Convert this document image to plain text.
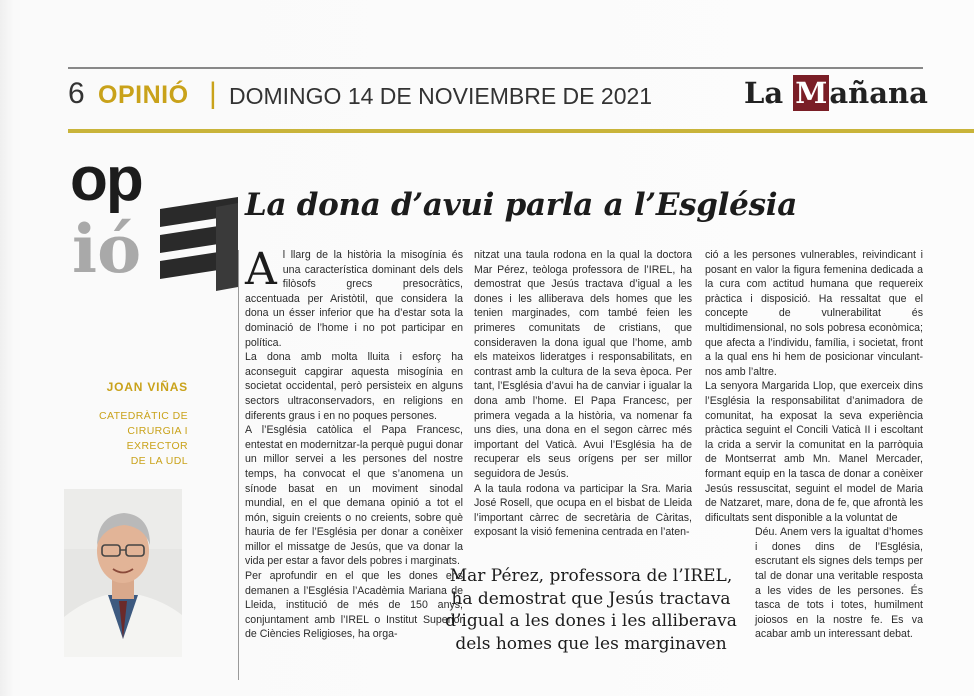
6 OPINIÓ | DOMINGO 14 DE NOVIEMBRE DE 2021	La Mañana
op
ió
JOAN VIÑAS
CATEDRÀTIC DE
CIRURGIA I EXRECTOR
DE LA UDL
La dona d’avui parla a l’Església

Al llarg de la història la misogínia és una característica dominant dels dels filòsofs grecs presocràtics, accentuada per Aristòtil, que considera la dona un ésser inferior que ha d’estar sota la dominació de l’home i no pot participar en política.

La dona amb molta lluita i esforç ha aconseguit capgirar aquesta misogínia en societat occidental, però persisteix en alguns sectors ultraconservadors, en religions en diferents graus i en no poques persones.

A l’Església catòlica el Papa Francesc, entestat en modernitzar-la perquè pugui donar un millor servei a les persones del nostre temps, ha convocat el que s’anomena un sínode basat en un moviment sinodal mundial, en el que demana opinió a tot el món, siguin creients o no creients, sobre què hauria de fer l’Església per donar a conèixer millor el missatge de Jesús, que va donar la vida per estar a favor dels pobres i marginats.

Per aprofundir en el que les dones ens demanen a l’Església l’Acadèmia Mariana de Lleida, institució de més de 150 anys, conjuntament amb l’IREL o Institut Superior de Ciències Religioses, ha orga-

nitzat una taula rodona en la qual la doctora Mar Pérez, teòloga professora de l’IREL, ha demostrat que Jesús tractava d’igual a les dones i les alliberava dels homes que les tenien marginades, com també feien les primeres comunitats de cristians, que consideraven la dona igual que l’home, amb els mateixos lideratges i responsabilitats, en contrast amb la cultura de la seva època. Per tant, l’Església d’avui ha de canviar i igualar la dona amb l’home. El Papa Francesc, per primera vegada a la història, va nomenar fa uns dies, una dona en el segon càrrec més important del Vaticà. Avui l’Església ha de recuperar els seus orígens per ser millor seguidora de Jesús.

A la taula rodona va participar la Sra. Maria José Rosell, que ocupa en el bisbat de Lleida l’important càrrec de secretària de Càritas, exposant la visió femenina centrada en l’aten-

ció a les persones vulnerables, reivindicant i posant en valor la figura femenina dedicada a la cura com actitud humana que requereix pràctica i disposició. Ha ressaltat que el concepte de vulnerabilitat és multidimensional, no sols pobresa econòmica; que afecta a l’individu, família, i societat, front a la qual ens hi hem de posicionar vinculant-nos amb l’altre.

La senyora Margarida Llop, que exerceix dins l’Església la responsabilitat d’animadora de comunitat, ha exposat la seva experiència pràctica seguint el Concili Vaticà II i escoltant la crida a servir la comunitat en la parròquia de Montserrat amb Mn. Manel Mercader, formant equip en la tasca de donar a conèixer Jesús ressuscitat, seguint el model de Maria de Natzaret, mare, dona de fe, que afrontà les dificultats sent disponible a la voluntat de

Déu. Anem vers la igualtat d’homes i dones dins de l’Església, escrutant els signes dels temps per tal de donar una veritable resposta a les vides de les persones. És tasca de tots i totes, humilment joiosos en la nostre fe. Es va acabar amb un interessant debat.

Mar Pérez, professora de l’IREL,
ha demostrat que Jesús tractava
d’igual a les dones i les alliberava
dels homes que les marginaven
